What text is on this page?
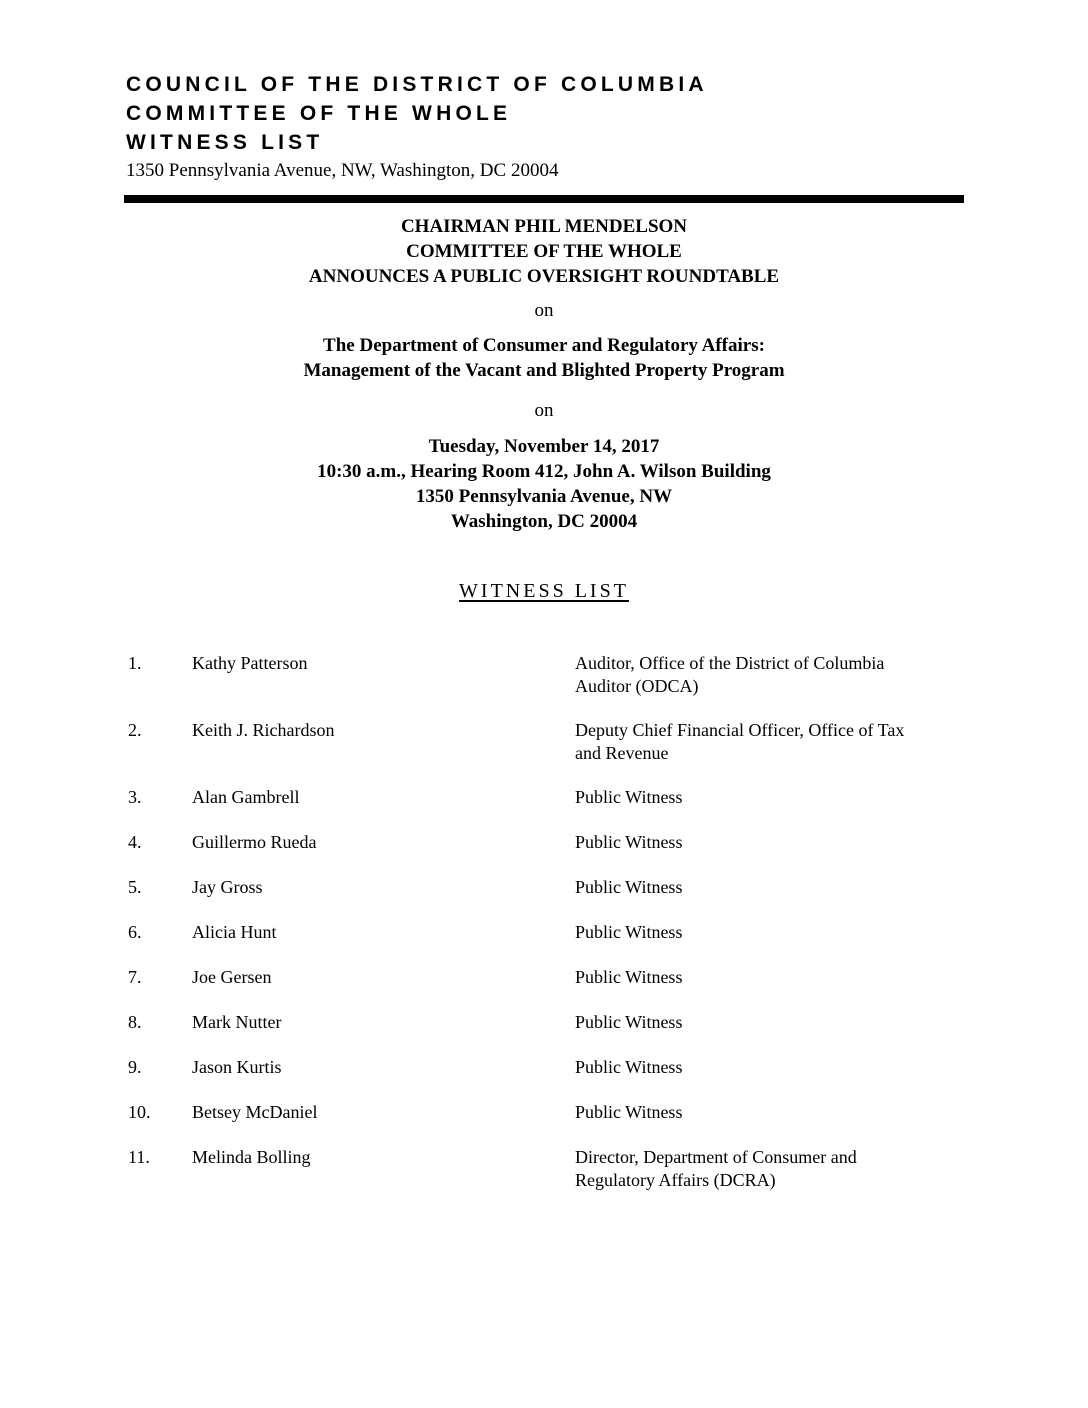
COUNCIL OF THE DISTRICT OF COLUMBIA
COMMITTEE OF THE WHOLE
WITNESS LIST
1350 Pennsylvania Avenue, NW, Washington, DC 20004
CHAIRMAN PHIL MENDELSON
COMMITTEE OF THE WHOLE
ANNOUNCES A PUBLIC OVERSIGHT ROUNDTABLE
on
The Department of Consumer and Regulatory Affairs:
Management of the Vacant and Blighted Property Program
on
Tuesday, November 14, 2017
10:30 a.m., Hearing Room 412, John A. Wilson Building
1350 Pennsylvania Avenue, NW
Washington, DC 20004
WITNESS LIST
1.	Kathy Patterson	Auditor, Office of the District of Columbia
Auditor (ODCA)
2.	Keith J. Richardson	Deputy Chief Financial Officer, Office of Tax
and Revenue
3.	Alan Gambrell	Public Witness
4.	Guillermo Rueda	Public Witness
5.	Jay Gross	Public Witness
6.	Alicia Hunt	Public Witness
7.	Joe Gersen	Public Witness
8.	Mark Nutter	Public Witness
9.	Jason Kurtis	Public Witness
10. Betsey McDaniel	Public Witness
11. Melinda Bolling	Director, Department of Consumer and
Regulatory Affairs (DCRA)
